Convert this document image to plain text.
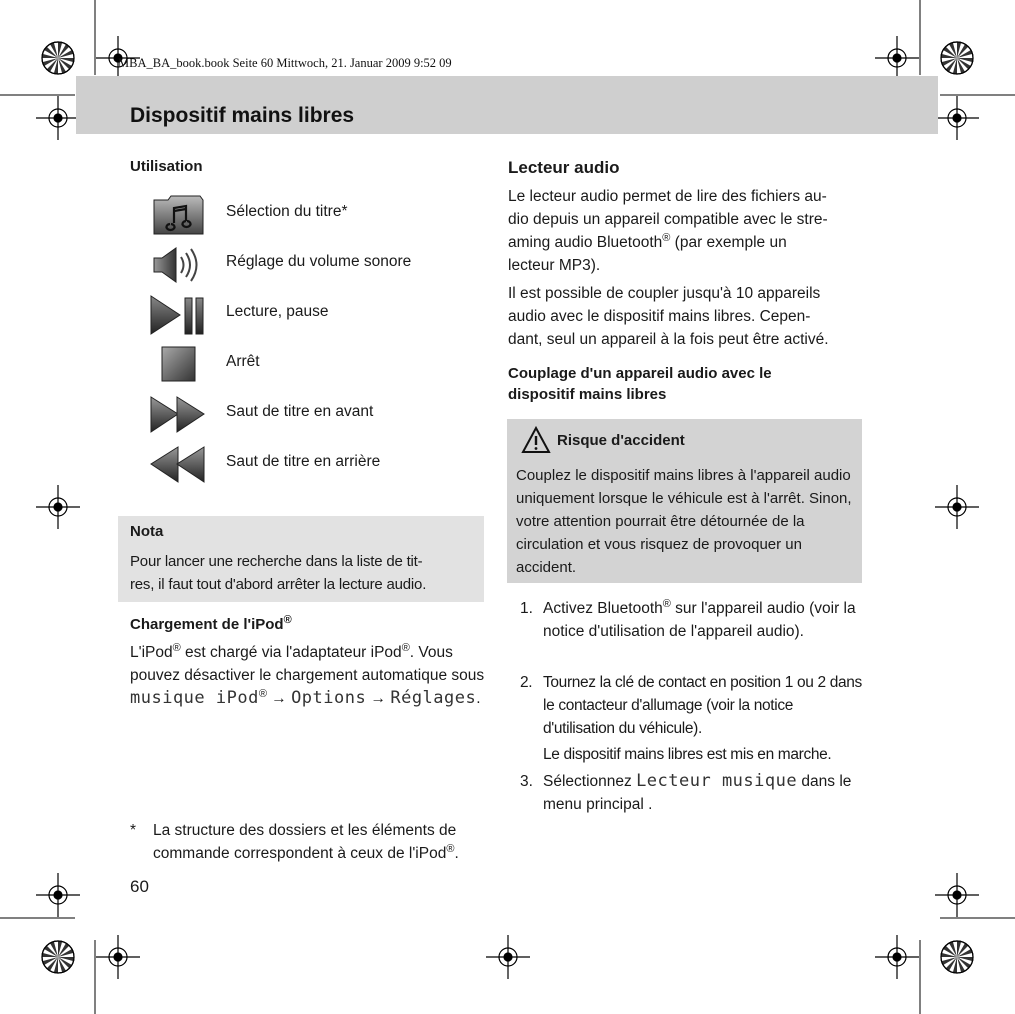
MBA_BA_book.book Seite 60 Mittwoch, 21. Januar 2009 9:52 09
Dispositif mains libres
Utilisation
Sélection du titre*
Réglage du volume sonore
Lecture, pause
Arrêt
Saut de titre en avant
Saut de titre en arrière
Nota
Pour lancer une recherche dans la liste de tit-
res, il faut tout d'abord arrêter la lecture audio.
Chargement de l'iPod®
L'iPod® est chargé via l'adaptateur iPod®. Vous pouvez désactiver le chargement automatique sous musique iPod® → Options → Réglages.
* La structure des dossiers et les éléments de commande correspondent à ceux de l'iPod®.
60
Lecteur audio
Le lecteur audio permet de lire des fichiers au-
dio depuis un appareil compatible avec le stre-
aming audio Bluetooth® (par exemple un
lecteur MP3).
Il est possible de coupler jusqu'à 10 appareils
audio avec le dispositif mains libres. Cepen-
dant, seul un appareil à la fois peut être activé.
Couplage d'un appareil audio avec le
dispositif mains libres
Risque d'accident
Couplez le dispositif mains libres à l'appareil audio uniquement lorsque le véhicule est à l'arrêt. Sinon, votre attention pourrait être détournée de la circulation et vous risquez de provoquer un accident.
1. Activez Bluetooth® sur l'appareil audio (voir la notice d'utilisation de l'appareil audio).
2. Tournez la clé de contact en position 1 ou 2 dans le contacteur d'allumage (voir la notice d'utilisation du véhicule).
Le dispositif mains libres est mis en marche.
3. Sélectionnez Lecteur musique dans le menu principal .
